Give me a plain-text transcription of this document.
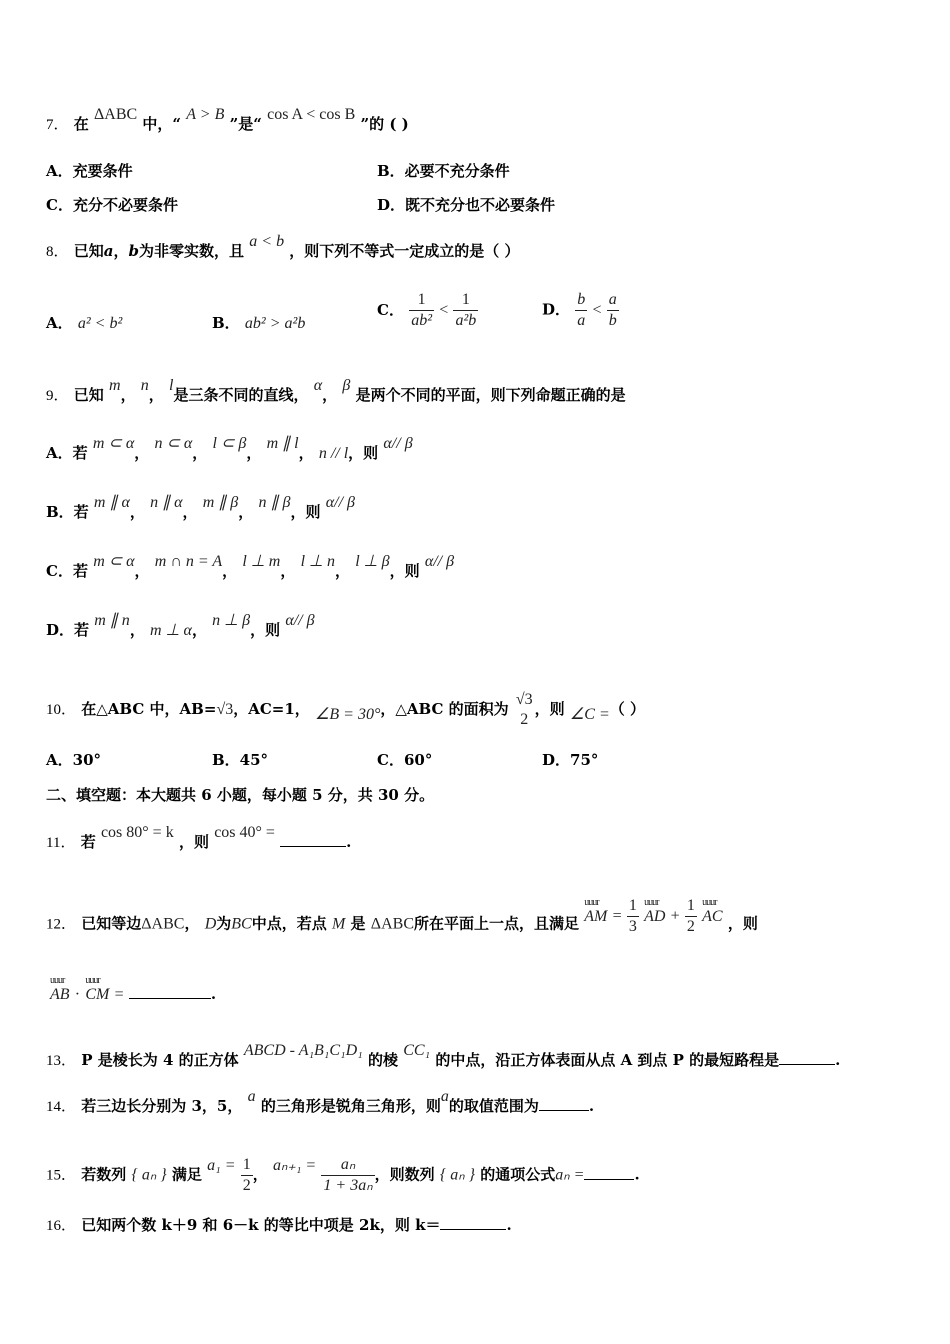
7． 在 ΔABC 中，“ A > B ”是“ cos A < cos B ”的 ( )
A．充要条件	B．必要不充分条件
C．充分不必要条件	D．既不充分也不必要条件
8． 已知a，b为非零实数，且 a < b ，则下列不等式一定成立的是（ ）
A． a² < b²	B． ab² > a²b
C． $\frac{1}{\text{ab²}} < \frac{1}{\text{a²b}}$	D． $\frac{b}{a} < \frac{a}{b}$
9． 已知 m， n， l是三条不同的直线， α， β 是两个不同的平面，则下列命题正确的是
A．若 m ⊂ α， n ⊂ α， l ⊂ β， m ∥ l， n // l，则 α// β
B．若 m ∥ α， n ∥ α， m ∥ β， n ∥ β，则 α// β
C．若 m ⊂ α， m ∩ n = A， l ⊥ m， l ⊥ n， l ⊥ β，则 α// β
D．若 m ∥ n， m ⊥ α， n ⊥ β，则 α// β
10． 在△ABC 中，AB=√3，AC=1， ∠B = 30°，△ABC 的面积为
√3
2
，则 ∠C =（ ）
A．30°	B．45°	C．60°	D．75°
二、填空题：本大题共 6 小题，每小题 5 分，共 30 分。
11． 若 cos 80° = k ，则 cos 40° = .
12． 已知等边ΔABC， D为BC中点，若点 M 是 ΔABC所在平面上一点，且满足
uuur
AM = $\frac{1}{3}$
uuur
AD + $\frac{1}{2}$
uuur
AC ，则
uuur
AB ·
uuur
CM =	.
13． P 是棱长为 4 的正方体 ABCD - A₁B₁C₁D₁ 的棱 CC₁ 的中点，沿正方体表面从点 A 到点 P 的最短路程是	.
14． 若三边长分别为 3，5， a 的三角形是锐角三角形，则a的取值范围为	.
15． 若数列 { aₙ } 满足 $a_1 = \frac{1}{2}$ ， $a_{n+1} = \frac{\text{aₙ}}{\text{1 + 3aₙ}}$ ，则数列 { aₙ } 的通项公式aₙ =	.
16． 已知两个数 k＋9 和 6－k 的等比中项是 2k，则 k＝	.
